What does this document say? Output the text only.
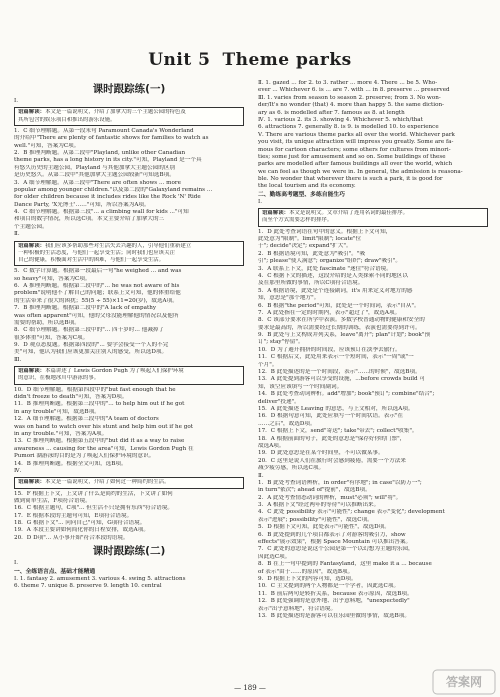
Unit 5 Theme parks
课时跟踪练(一)
Ⅰ.
语篇解读：本文是一篇说明文，介绍了加拿大的三个主题公园的特色及
其所包含的娱乐项目和推出的游乐设施。
1．C 细节理解题。从第一段末句 Paramount Canada's Wonderland
的介绍中"There are plenty of fantastic shows for families to watch as
well."可知，答案为C项。
2．B 推理判断题。从第二段中"Playland, unlike other Canadian
theme parks, has a long history in its city."可知，Playland 是一个具
有悠久历史的主题公园，Playland 与其他加拿大主题公园的区别
是历史悠久。从第二段中"其他加拿大主题公园较新"可知选B项。
3．A 细节理解题。从第三段中"There are often shows ... more
popular among younger children."以及第二段的"Galaxyland remains ...
for older children because it includes rides like the Rock 'N' Ride
Dance Party, 'X光博士'……"可知，所以答案为A项。
4．C 细节理解题。根据第三段"... a climbing wall for kids ..."可知
和项目的数字情况，所以选C项。本文主要介绍了加拿大的三
个主题公园。
Ⅱ.
语篇解读：我们应该多帮助那些对生活失去兴趣的人，引导他们重新建立
一种积极的生活态度，与他们一起享受生活；同时我们也应该关注
自己的健康，积极面对生活中的困难，与他们一起享受生活。
5．C 数字计算题。根据第一段最后一句"he weighed ... and was
so heavy"可知，答案为C项。
6．A 推理判断题。根据第二段中的"... he was not aware of his
problem"说明他不了解自己的问题；联系上文可知，他的体重给他
的生活带来了很大的困扰；55(5 ÷ 55)×11=20(岁)，故选A项。
7．B 推理判断题。根据第二段中的"A lack of empathy
was often apparent"可知，他的父母没能理解他的情况以及他所
需要的帮助，所以选B项。
8．C 细节理解题。根据第三段中的"... 四十岁时... 他减掉了
很多体重"可知，答案为C项。
9．D 观点态度题。根据第四段的"... 要学会接受一个人的不完
美"可知，他认为我们应该更加关注别人的感受，所以选D项。
Ⅲ.
语篇解读：本篇讲述了 Lewis Gordon Pugh 为了唤起人们保护环境
的意识，在极地冰川中游泳的事。
10．D 细节理解题。根据第四段中的"but fast enough that he
didn't freeze to death"可知，答案为D项。
11．B 推理判断题。根据第三段中的"... to help him out if he got
in any trouble"可知，故选B项。
12．A 细节理解题。根据第三段中的"A team of doctors
was on hand to watch over his stunt and help him out if he got
in any trouble."可知，答案为A项。
13．C 推理判断题。根据第五段中的"but did it as a way to raise
awareness ... causing for the area"可知，Lewis Gordon Pugh 在
Pumori 湖游泳的目的是为了唤起人们保护环境的意识。
14．B 推理判断题。根据全文可知，选B项。
Ⅳ.
语篇解读：本文是一篇说明文，介绍了如何过一种简约的生活。
15．F 根据上下文，上文讲了什么是简约的生活，下文讲了如何
做到简单生活，F项符合语境。
16．C 根据主题句，C项"... 但生活不只是拥有东西"符合语境。
17．E 根据本段的主题句可知，E项符合语境。
18．G 根据下文"... 问问自己"可知，G项符合语境。
19．A 本段主要讲如何简化你的日程安排，故选A项。
20．D D项"... 从小事开始"符合本段的语境。
课时跟踪练(二)
Ⅰ.
一、全练语言点、基础才能精通
Ⅰ. 1. fantasy 2. amusement 3. various 4. swing 5. attractions
6. theme 7. unique 8. preserve 9. length 10. central
Ⅱ. 1. gazed ... for 2. to 3. rather ... more 4. There ... be 5. Who-
ever ... Whichever 6. is ... are 7. with ... in 8. preserve ... preserved
Ⅲ. 1. varies from season to season 2. preserve; from 3. No won-
der/It's no wonder (that) 4. more than happy 5. the same diction-
ary as 6. is modelled after 7. famous as 8. at length
Ⅳ. 1. various 2. its 3. showing 4. Whichever 5. which/that
6. attractions 7. generally 8. is 9. is modelled 10. to experience
Ⅴ. There are various theme parks all over the world. Whichever park
you visit, its unique attraction will impress you greatly. Some are fa-
mous for cartoon characters; some others for cultures from minori-
ties; some just for amusement and so on. Some buildings of these
parks are modelled after famous buildings all over the world, which
we can feel as though we were in. In general, the admission is reasona-
ble. No wonder that wherever there is such a park, it is good for
the local tourism and its economy.
二、勤练高考题型、多练自能生巧
Ⅰ.
语篇解读：本文是说明文。文章介绍了连用名词的最佳排序。
而至个方式需要怎样的排序。
1．D 此处考查词语在句中的意义。根据上下文可知，
此处意为"限制"。limit"限制"; locate"位
于"; decide"决定"; expand"扩大"。
2．B 根据语境可知，此处意为"吸引"。"吸
引"; please"使人满意"; organize"组织"; draw"吸引"。
3．A 联系上下文，此处 fascinate "迷住"符合语境。
4．C 根据下文的描述，这段介绍的是人类探索不同的地区以
及在那里所做的事情，所以C项符合语境。
5．A 根据语境，此处是个连接副词，it's 用来定义对地方的感
知，意思是"那个地方"。
6．B 根据"the period"可知，此处是一个时间词，表示"自从"。
7．A 此处指在一定的时期内，表示"超过了"，故选A项。
8．C 该部分要求在所学中表演。多数学校普通动物的健康和安全的
要求是最高的，所以需要经过长期的训练，表演也需要得到许可。
9．B 此处与上文构成并列关系，leave"离开"; plan"计划"; book"预
订"; stay"停留"。
10．D 为了避开拥挤的时间段，应该预订在淡季去旅行。
11．C 根据后文，此处用来表示一个短时间，表示"一周"或"一
个月"。
12．B 此处描述的是一个时间段，表示"……的时候"，故选B项。
13．A 此处提到游客可以享受的设施，...before crowds build 可
知，该空应该填写一个时间副词。
14．B 此处考查动词辨析。add"增加"; book"预订"; combine"结合";
deliver"投递"。
15．A 此处描述 Leaving 的意思，与上文相对，所以选A项。
16．D 根据句意可知，此处应填写一个时间状语。表示"在
……之后"，故选D项。
17．C 根据上下文，send"寄送"; take"带去"; collect"收集"。
18．A 根据前面的句子，此处的意思是"保存好你的门票"，
故选A项。
19．D 此处意思是在某个时间里，不可以做某事。
20．C 这里是说人们在旅行时会感到疲倦，需要一个方法来
减少疲劳感，所以选C项。
Ⅱ.
1．B 此处考查词语辨析，in order"有序地"; in case"以防万一";
in turn"依次"; ahead of"提前"，故选B项。
2．A 此处考查情态动词的辨析，must"必须"; will"将"。
3．A 根据下文"经过两年的等待"可以推断出来。
4．C 此处 possibility 表示"可能性"; change 表示"变化"; development
表示"进展"; possibility"可能性"，故选C项。
5．D 根据下文可知，此处表示"可能性"，故选D项。
6．B 此处提到的几个项目都表示了对游客的吸引力，show
effects"展示效果"，根据 Space Mountain 可以推出答案。
7．C 此处的意思是说这个公园是第一个以幻想为主题的乐园，
因此选C项。
8．B 在上一句中提到的 Fantasyland，这里 make it a ... because
of 表示"由于……的原因"，故选B项。
9．D 根据上下文的内容可知，选D项。
10．C 主文提到的两个人物都是一个学者，因此选C项。
11．B 前后两句是转折关系，because 表示原因，故选B项。
12．B 此处强调的是意外地、出乎意料地，"unexpectedly"
表示"出乎意料地"，符合语境。
13．B 此处描述的是游客可以在乐园里做的事情，故选B项。
— 189 —	答案网
